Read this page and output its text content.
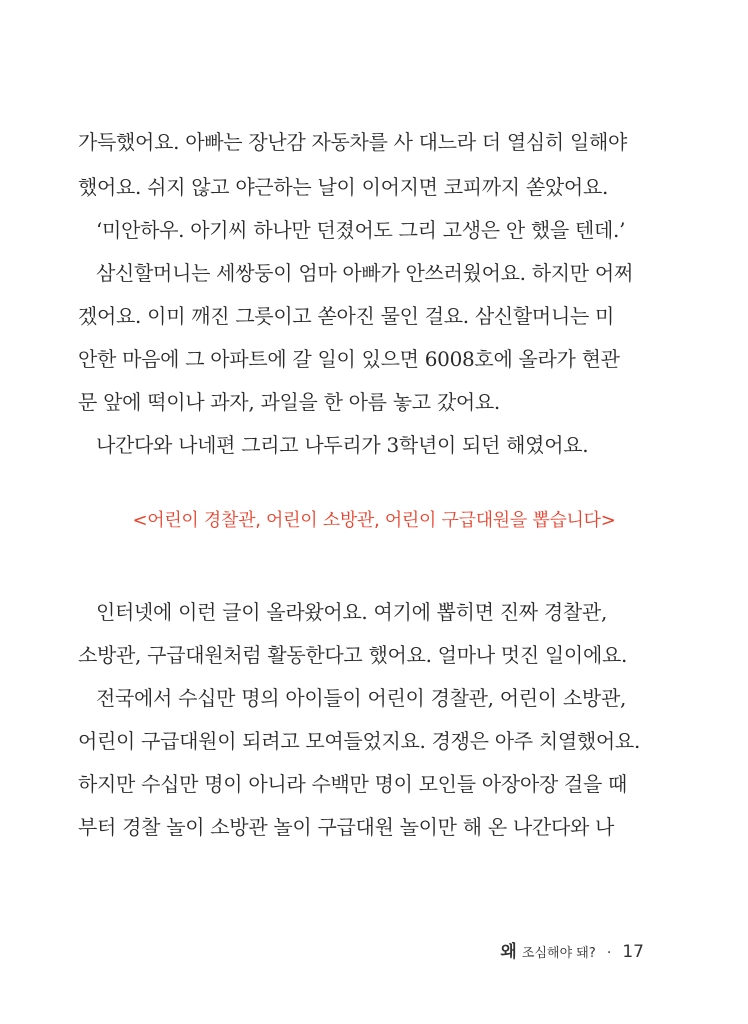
가득했어요. 아빠는 장난감 자동차를 사 대느라 더 열심히 일해야
했어요. 쉬지 않고 야근하는 날이 이어지면 코피까지 쏟았어요.
‘미안하우. 아기씨 하나만 던졌어도 그리 고생은 안 했을 텐데.’
삼신할머니는 세쌍둥이 엄마 아빠가 안쓰러웠어요. 하지만 어쩌
겠어요. 이미 깨진 그릇이고 쏟아진 물인 걸요. 삼신할머니는 미
안한 마음에 그 아파트에 갈 일이 있으면 6008호에 올라가 현관
문 앞에 떡이나 과자, 과일을 한 아름 놓고 갔어요.
나간다와 나네편 그리고 나두리가 3학년이 되던 해였어요.
<어린이 경찰관, 어린이 소방관, 어린이 구급대원을 뽑습니다>
인터넷에 이런 글이 올라왔어요. 여기에 뽑히면 진짜 경찰관,
소방관, 구급대원처럼 활동한다고 했어요. 얼마나 멋진 일이에요.
전국에서 수십만 명의 아이들이 어린이 경찰관, 어린이 소방관,
어린이 구급대원이 되려고 모여들었지요. 경쟁은 아주 치열했어요.
하지만 수십만 명이 아니라 수백만 명이 모인들 아장아장 걸을 때
부터 경찰 놀이 소방관 놀이 구급대원 놀이만 해 온 나간다와 나
왜 조심해야 돼? · 17
